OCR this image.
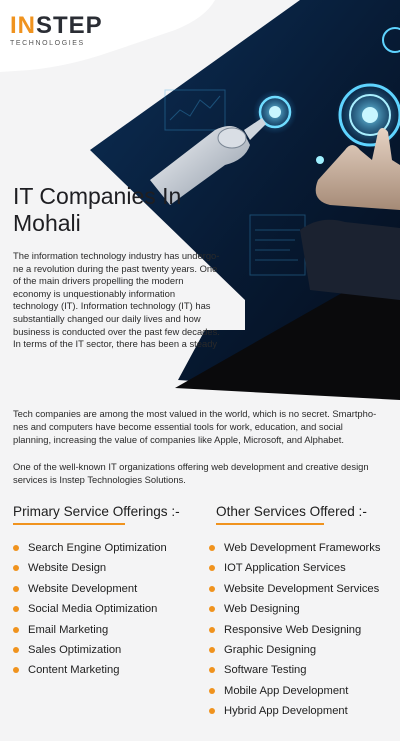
INSTEP
TECHNOLOGIES
IT Companies In
Mohali
The information technology industry has undergo-
ne a revolution during the past twenty years. One
of the main drivers propelling the modern
economy is unquestionably information
technology (IT). Information technology (IT) has
substantially changed our daily lives and how
business is conducted over the past few decades.
In terms of the IT sector, there has been a steady
Tech companies are among the most valued in the world, which is no secret. Smartpho-
nes and computers have become essential tools for work, education, and social
planning, increasing the value of companies like Apple, Microsoft, and Alphabet.
One of the well-known IT organizations offering web development and creative design
services is Instep Technologies Solutions.
Primary Service Offerings :-
Search Engine Optimization
Website Design
Website Development
Social Media Optimization
Email Marketing
Sales Optimization
Content Marketing
Other Services Offered :-
Web Development Frameworks
IOT Application Services
Website Development Services
Web Designing
Responsive Web Designing
Graphic Designing
Software Testing
Mobile App Development
Hybrid App Development
